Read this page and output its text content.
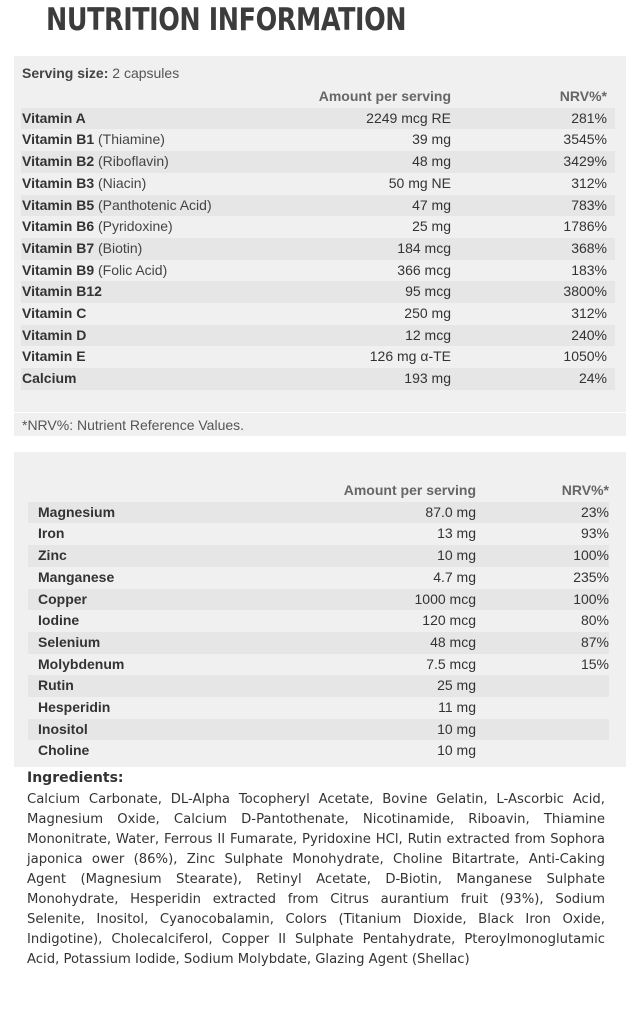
NUTRITION INFORMATION
Serving size: 2 capsules
	Amount per serving	NRV%*
Vitamin A	2249 mcg RE	281%
Vitamin B1 (Thiamine)	39 mg	3545%
Vitamin B2 (Riboflavin)	48 mg	3429%
Vitamin B3 (Niacin)	50 mg NE	312%
Vitamin B5 (Panthotenic Acid)	47 mg	783%
Vitamin B6 (Pyridoxine)	25 mg	1786%
Vitamin B7 (Biotin)	184 mcg	368%
Vitamin B9 (Folic Acid)	366 mcg	183%
Vitamin B12	95 mcg	3800%
Vitamin C	250 mg	312%
Vitamin D	12 mcg	240%
Vitamin E	126 mg α-TE	1050%
Calcium	193 mg	24%
*NRV%: Nutrient Reference Values.
	Amount per serving	NRV%*
Magnesium	87.0 mg	23%
Iron	13 mg	93%
Zinc	10 mg	100%
Manganese	4.7 mg	235%
Copper	1000 mcg	100%
Iodine	120 mcg	80%
Selenium	48 mcg	87%
Molybdenum	7.5 mcg	15%
Rutin	25 mg	
Hesperidin	11 mg	
Inositol	10 mg	
Choline	10 mg	
Ingredients:

Calcium Carbonate, DL-Alpha Tocopheryl Acetate, Bovine Gelatin, L-Ascorbic Acid, Magnesium Oxide, Calcium D-Pantothenate, Nicotinamide, Riboavin, Thiamine Mononitrate, Water, Ferrous II Fumarate, Pyridoxine HCl, Rutin extracted from Sophora japonica ower (86%), Zinc Sulphate Monohydrate, Choline Bitartrate, Anti-Caking Agent (Magnesium Stearate), Retinyl Acetate, D-Biotin, Manganese Sulphate Monohydrate, Hesperidin extracted from Citrus aurantium fruit (93%), Sodium Selenite, Inositol, Cyanocobalamin, Colors (Titanium Dioxide, Black Iron Oxide, Indigotine), Cholecalciferol, Copper II Sulphate Pentahydrate, Pteroylmonoglutamic Acid, Potassium Iodide, Sodium Molybdate, Glazing Agent (Shellac)
